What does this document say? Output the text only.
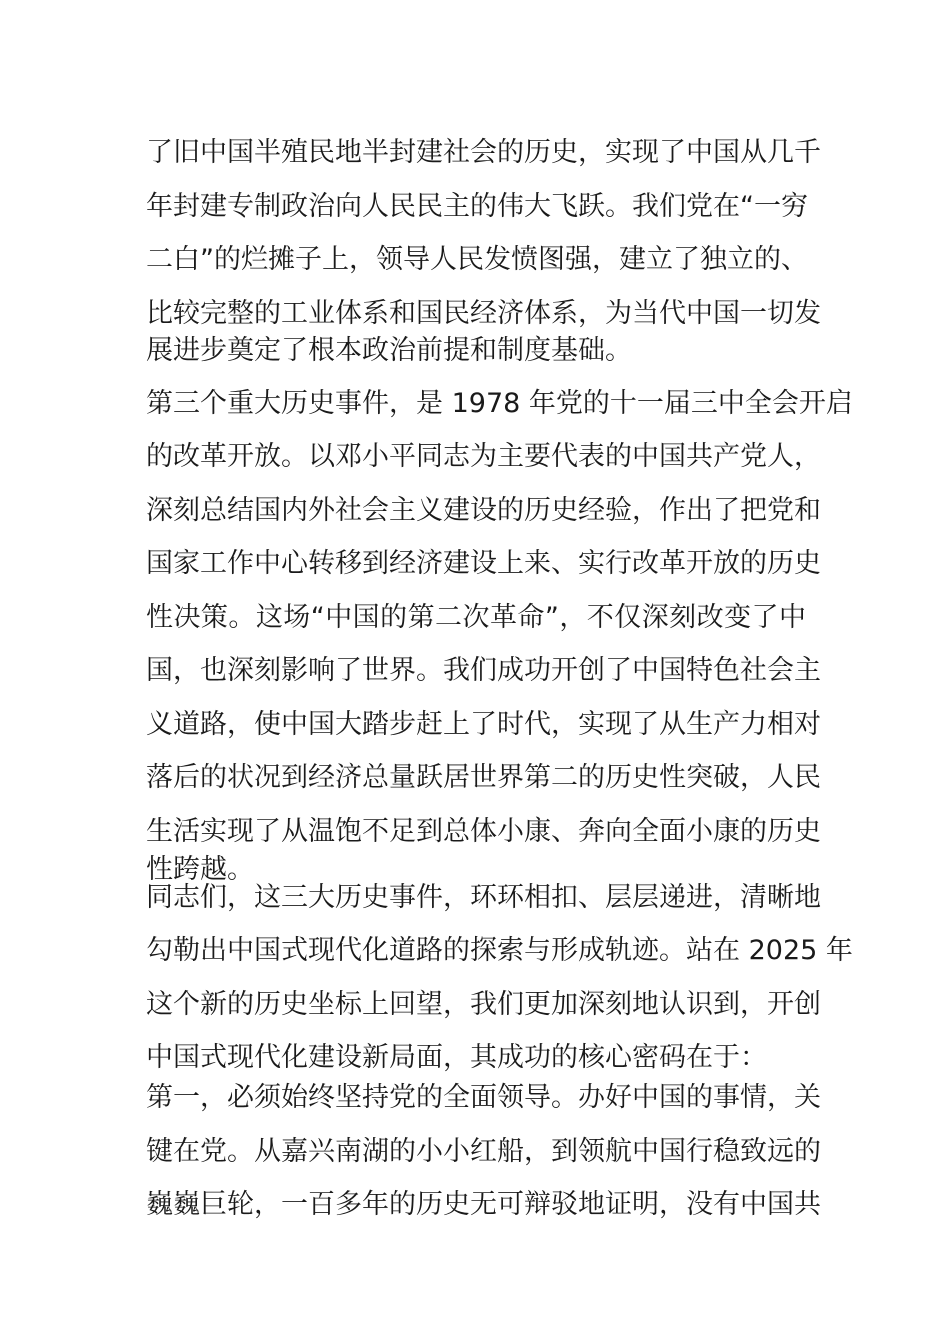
了旧中国半殖民地半封建社会的历史，实现了中国从几千
年封建专制政治向人民民主的伟大飞跃。我们党在“一穷
二白”的烂摊子上，领导人民发愤图强，建立了独立的、
比较完整的工业体系和国民经济体系，为当代中国一切发
展进步奠定了根本政治前提和制度基础。
第三个重大历史事件，是 1978 年党的十一届三中全会开启
的改革开放。以邓小平同志为主要代表的中国共产党人，
深刻总结国内外社会主义建设的历史经验，作出了把党和
国家工作中心转移到经济建设上来、实行改革开放的历史
性决策。这场“中国的第二次革命”，不仅深刻改变了中
国，也深刻影响了世界。我们成功开创了中国特色社会主
义道路，使中国大踏步赶上了时代，实现了从生产力相对
落后的状况到经济总量跃居世界第二的历史性突破，人民
生活实现了从温饱不足到总体小康、奔向全面小康的历史
性跨越。
同志们，这三大历史事件，环环相扣、层层递进，清晰地
勾勒出中国式现代化道路的探索与形成轨迹。站在 2025 年
这个新的历史坐标上回望，我们更加深刻地认识到，开创
中国式现代化建设新局面，其成功的核心密码在于：
第一，必须始终坚持党的全面领导。办好中国的事情，关
键在党。从嘉兴南湖的小小红船，到领航中国行稳致远的
巍巍巨轮，一百多年的历史无可辩驳地证明，没有中国共
